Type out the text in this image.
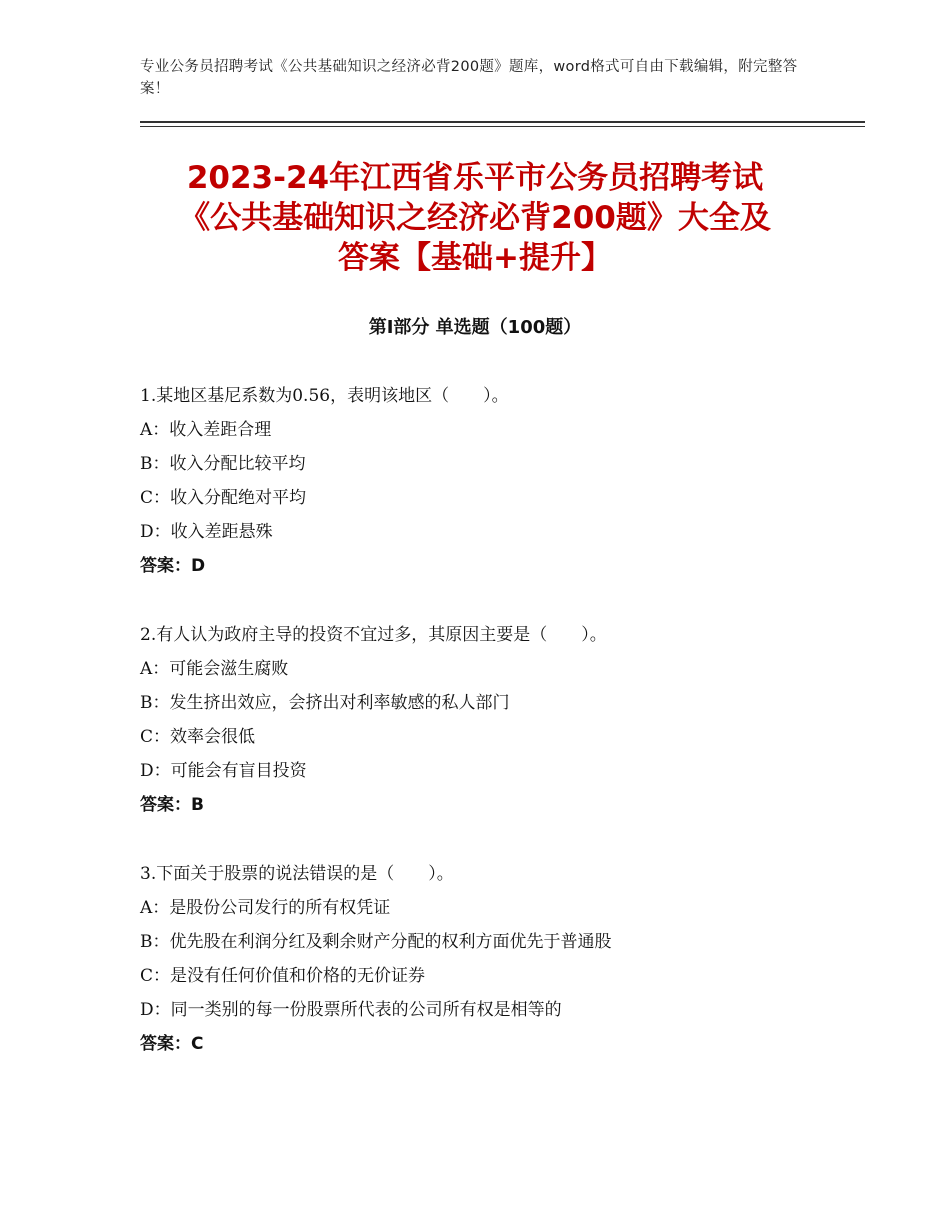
专业公务员招聘考试《公共基础知识之经济必背200题》题库，word格式可自由下载编辑，附完整答案！
2023-24年江西省乐平市公务员招聘考试
《公共基础知识之经济必背200题》大全及
答案【基础+提升】
第Ⅰ部分 单选题（100题）
1.某地区基尼系数为0.56，表明该地区（　　）。
A：收入差距合理
B：收入分配比较平均
C：收入分配绝对平均
D：收入差距悬殊
答案：D
2.有人认为政府主导的投资不宜过多，其原因主要是（　　）。
A：可能会滋生腐败
B：发生挤出效应，会挤出对利率敏感的私人部门
C：效率会很低
D：可能会有盲目投资
答案：B
3.下面关于股票的说法错误的是（　　）。
A：是股份公司发行的所有权凭证
B：优先股在利润分红及剩余财产分配的权利方面优先于普通股
C：是没有任何价值和价格的无价证券
D：同一类别的每一份股票所代表的公司所有权是相等的
答案：C
